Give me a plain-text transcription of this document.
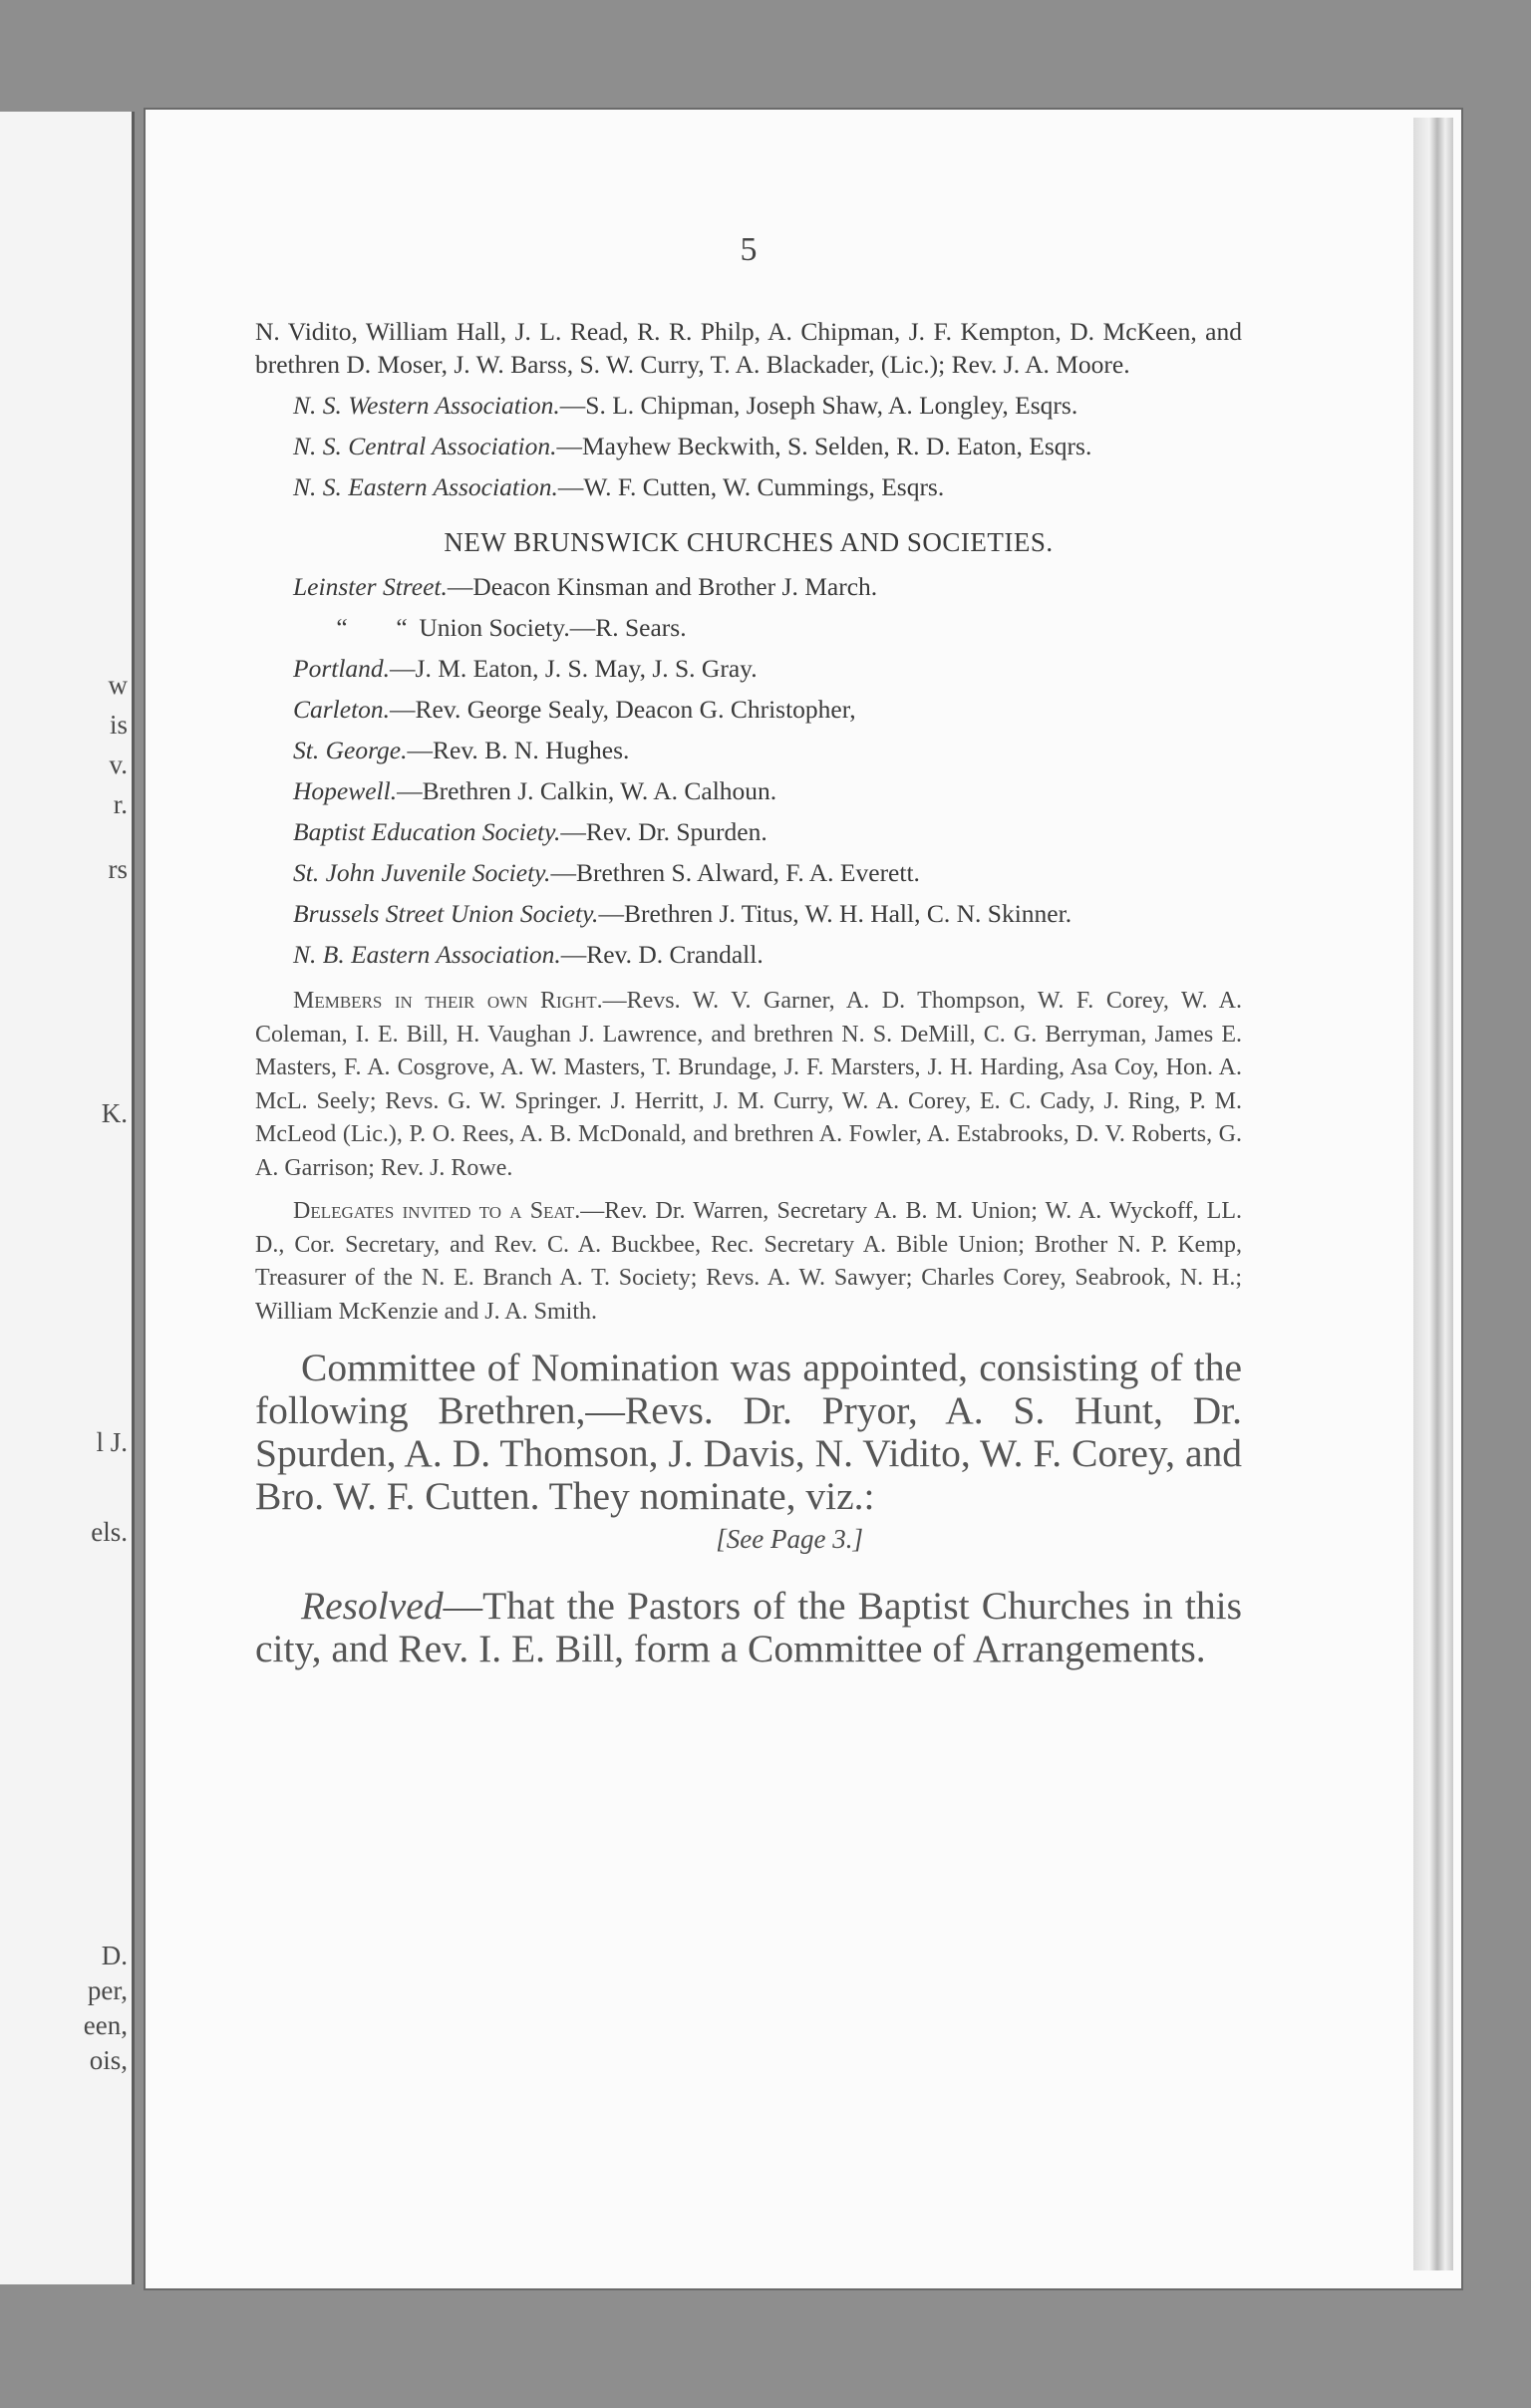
w

is

v.

r.

rs

K.

l J.

els.

D.

per,

een,

ois,

5

N. Vidito, William Hall, J. L. Read, R. R. Philp, A. Chipman, J. F. Kempton, D. McKeen, and brethren D. Moser, J. W. Barss, S. W. Curry, T. A. Blackader, (Lic.); Rev. J. A. Moore.

N. S. Western Association.—S. L. Chipman, Joseph Shaw, A. Longley, Esqrs.

N. S. Central Association.—Mayhew Beckwith, S. Selden, R. D. Eaton, Esqrs.

N. S. Eastern Association.—W. F. Cutten, W. Cummings, Esqrs.

NEW BRUNSWICK CHURCHES AND SOCIETIES.

Leinster Street.—Deacon Kinsman and Brother J. March.

“ “ Union Society.—R. Sears.

Portland.—J. M. Eaton, J. S. May, J. S. Gray.

Carleton.—Rev. George Sealy, Deacon G. Christopher,

St. George.—Rev. B. N. Hughes.

Hopewell.—Brethren J. Calkin, W. A. Calhoun.

Baptist Education Society.—Rev. Dr. Spurden.

St. John Juvenile Society.—Brethren S. Alward, F. A. Everett.

Brussels Street Union Society.—Brethren J. Titus, W. H. Hall, C. N. Skinner.

N. B. Eastern Association.—Rev. D. Crandall.

Members in their own Right.—Revs. W. V. Garner, A. D. Thompson, W. F. Corey, W. A. Coleman, I. E. Bill, H. Vaughan J. Lawrence, and brethren N. S. DeMill, C. G. Berryman, James E. Masters, F. A. Cosgrove, A. W. Masters, T. Brundage, J. F. Marsters, J. H. Harding, Asa Coy, Hon. A. McL. Seely; Revs. G. W. Springer. J. Herritt, J. M. Curry, W. A. Corey, E. C. Cady, J. Ring, P. M. McLeod (Lic.), P. O. Rees, A. B. McDonald, and brethren A. Fowler, A. Estabrooks, D. V. Roberts, G. A. Garrison; Rev. J. Rowe.

Delegates invited to a Seat.—Rev. Dr. Warren, Secretary A. B. M. Union; W. A. Wyckoff, LL. D., Cor. Secretary, and Rev. C. A. Buckbee, Rec. Secretary A. Bible Union; Brother N. P. Kemp, Treasurer of the N. E. Branch A. T. Society; Revs. A. W. Sawyer; Charles Corey, Seabrook, N. H.; William McKenzie and J. A. Smith.

Committee of Nomination was appointed, consisting of the following Brethren,—Revs. Dr. Pryor, A. S. Hunt, Dr. Spurden, A. D. Thomson, J. Davis, N. Vidito, W. F. Corey, and Bro. W. F. Cutten. They nominate, viz.:

[See Page 3.]

Resolved—That the Pastors of the Baptist Churches in this city, and Rev. I. E. Bill, form a Committee of Arrangements.
